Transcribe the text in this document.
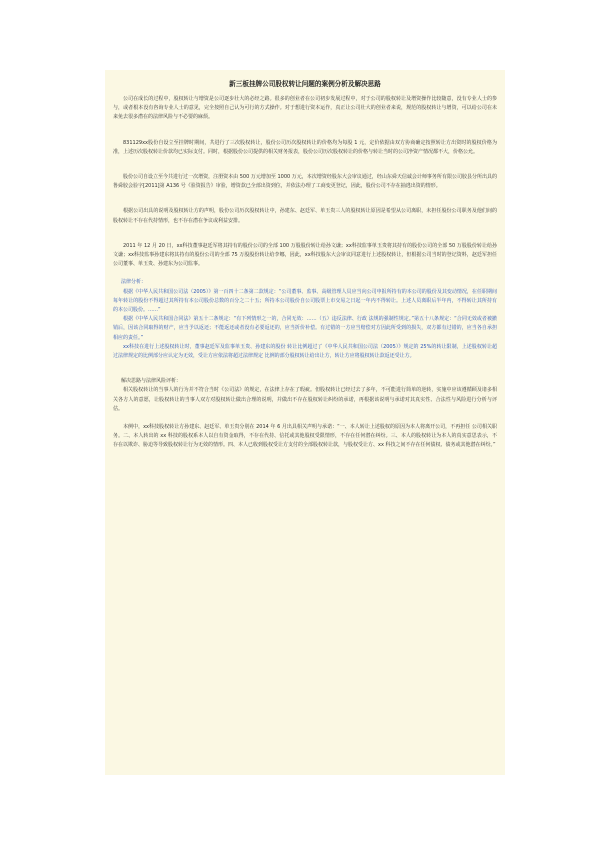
新三板挂牌公司股权转让问题的案例分析及解决思路

公司在成长的过程中，股权转让与增资是公司逐步壮大的必经之路。很多的创业者在公司初步发展过程中，对于公司的股权转让及增资操作比较随意，没有专业人士的参与，或者根本没有咨询专业人士的意见，完全按照自己认为可行的方式操作。对于想进行资本运作，真正让公司壮大的创业者来说，规范的股权转让与增资，可以给公司在未来免去很多潜在的法律风险与不必要的麻烦。

831129xx股份自设立至挂牌时期间，共进行了三次股权转让，股份公司历次股权转让的价格均为每股 1 元，定价依据由双方协商确定按照转让方出资时的股权价格为准，上述历次股权转让价款均已实际支付。同时，根据股份公司提供的相关财务报表，股份公司历次股权转让的价格与转让当时的公司净资产情况都不大，价格公允。

股份公司自设立至今共进行过一次增资，注册资本由 500 万元增加至 1000 万元，本次增资经股东大会审议通过，经山东舜天信诚会计师事务所有限公司胶县分所出具的鲁舜胶会验字[2011]第 A136 号《验资报告》审验，增资款已全部出资到位，并依法办理了工商变更登记，因此，股份公司不存在抽逃出资的情形。

根据公司出具的说明及股权转让方的声明，股份公司历次股权转让中，孙建东、赵廷军、单玉贵三人的股权转让原因是希望从公司离职，未担任股份公司职务及他们间的股权转让不存在代持情形，也不存在潜在争议或利益安排。

2011 年 12 月 20 日，xx科技董事赵廷军将其持有的股份公司的全部 100 万股股份转让给孙文谦；xx科技监事单玉贵将其持有的股份公司的全部 50 万股股份转让给孙文谦；xx科技监事孙建东将其持有的股份公司的全部 75 万股股份转让给李娜，因此，xx科技股东大会审议同意进行上述股权转让，但根据公司当时的登记资料，赵廷军担任公司董事、单玉贵、孙建东为公司监事。

法律分析：

根据《中华人民共和国公司法（2005）》第一百四十二条第二款规定：“公司董事、监事、高级管理人员应当向公司申报所持有的本公司的股份及其变动情况，在任职期间每年转让的股份不得超过其所持有本公司股份总数的百分之二十五；所持本公司股份自公司股票上市交易之日起一年内不得转让。上述人员离职后半年内，不得转让其所持有的本公司股份。……”

根据《中华人民共和国合同法》第五十二条规定：“有下列情形之一的，合同无效：……（五）违反法律、行政 法规的强制性规定。”第五十八条规定：“合同无效或者被撤销后，因该合同取得的财产，应当予以返还；不能返还或者没有必要返还的，应当折价补偿。有过错的一方应当赔偿对方因此所受到的损失，双方都有过错的，应当各自承担相应的责任。”

xx科技在进行上述股权转让时，董事赵廷军及监事单玉贵、孙建东的股份 转让比例超过了《中华人民共和国公司法（2005）》规定的 25%的转让限制，上述股权转让超过法律规定的比例部分应认定为无效，受让方应依法将超过法律规定 比例的部分股权转让给出让方，转让方应将股权转让款返还受让方。

解决思路与法律风险评析：

相关股权转让的当事人的行为并不符合当时《公司法》的规定，在法律上存在了瑕疵。但股权转让已经过去了多年，不可能进行简单的逆转，实施中应该遵循顾及诸多相关各方人的意愿，让股权转让的当事人双方对股权转让做出合理的说明，并做出不存在股权转让纠纷的承诺，再根据该说明与承诺对其真实性、合法性与风险进行分析与评估。

本例中，xx科技股权转让方孙建东、赵廷军、单玉贵分别在 2014 年 6 月出具相关声明与承诺：“一、本人转让上述股权的原因为本人将离开公司，不再担任 公司相关职务。二、本人转出的 xx 科技的股权系本人以自有资金取得，不存在代持、信托或其他股权受限情形，不存在任何潜在纠纷。三、本人的股权转让为本人的真实意思表示，不存在以欺诈、胁迫等导致股权转让行为无效的情形。四、本人已收到股权受让方支付的全部股权转让款，与股权受让方、xx 科技之间不存在任何债权、债务或其他潜在纠纷。”
